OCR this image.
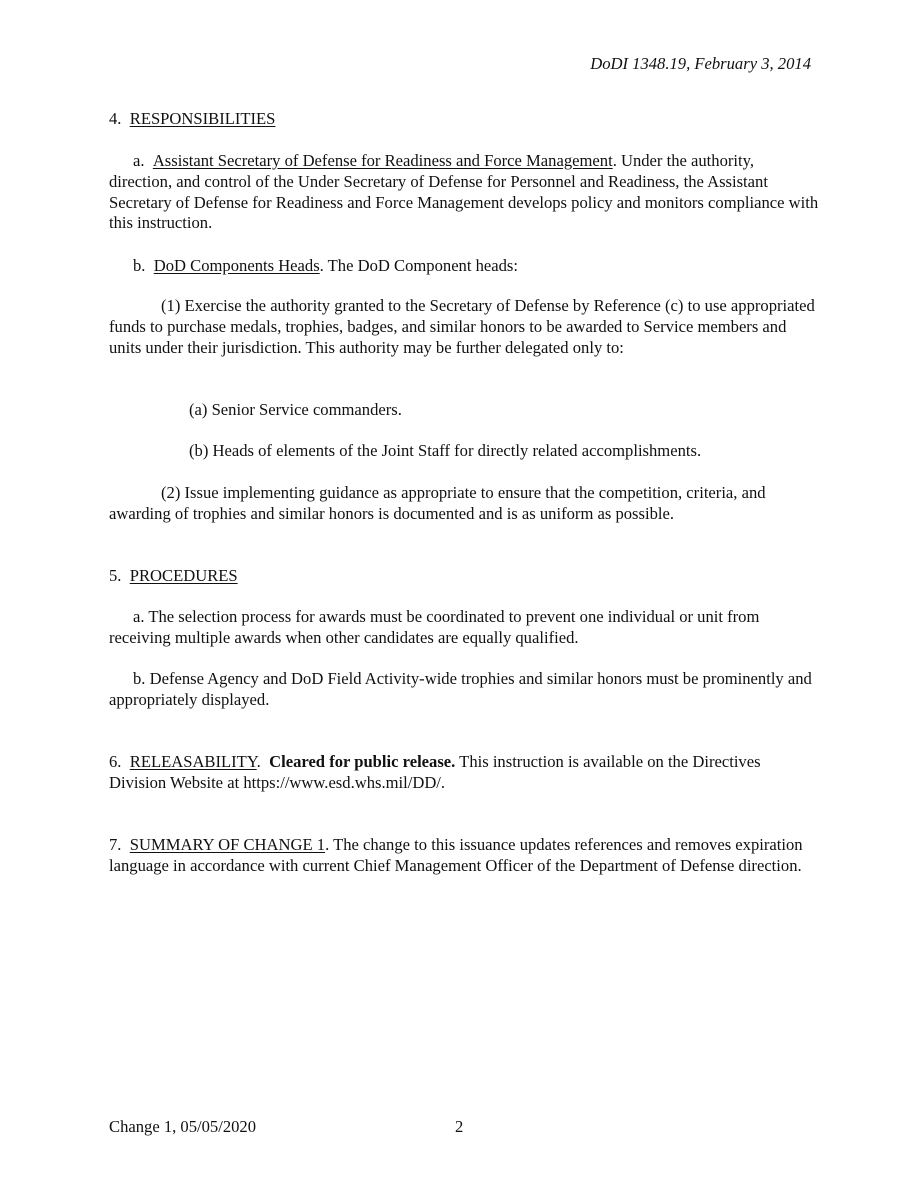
DoDI 1348.19, February 3, 2014

4. RESPONSIBILITIES

a. Assistant Secretary of Defense for Readiness and Force Management. Under the authority, direction, and control of the Under Secretary of Defense for Personnel and Readiness, the Assistant Secretary of Defense for Readiness and Force Management develops policy and monitors compliance with this instruction.

b. DoD Components Heads. The DoD Component heads:

(1) Exercise the authority granted to the Secretary of Defense by Reference (c) to use appropriated funds to purchase medals, trophies, badges, and similar honors to be awarded to Service members and units under their jurisdiction. This authority may be further delegated only to:

(a) Senior Service commanders.

(b) Heads of elements of the Joint Staff for directly related accomplishments.

(2) Issue implementing guidance as appropriate to ensure that the competition, criteria, and awarding of trophies and similar honors is documented and is as uniform as possible.

5. PROCEDURES

a. The selection process for awards must be coordinated to prevent one individual or unit from receiving multiple awards when other candidates are equally qualified.

b. Defense Agency and DoD Field Activity-wide trophies and similar honors must be prominently and appropriately displayed.

6. RELEASABILITY.  Cleared for public release. This instruction is available on the Directives Division Website at https://www.esd.whs.mil/DD/.

7. SUMMARY OF CHANGE 1. The change to this issuance updates references and removes expiration language in accordance with current Chief Management Officer of the Department of Defense direction.

Change 1, 05/05/2020	2
